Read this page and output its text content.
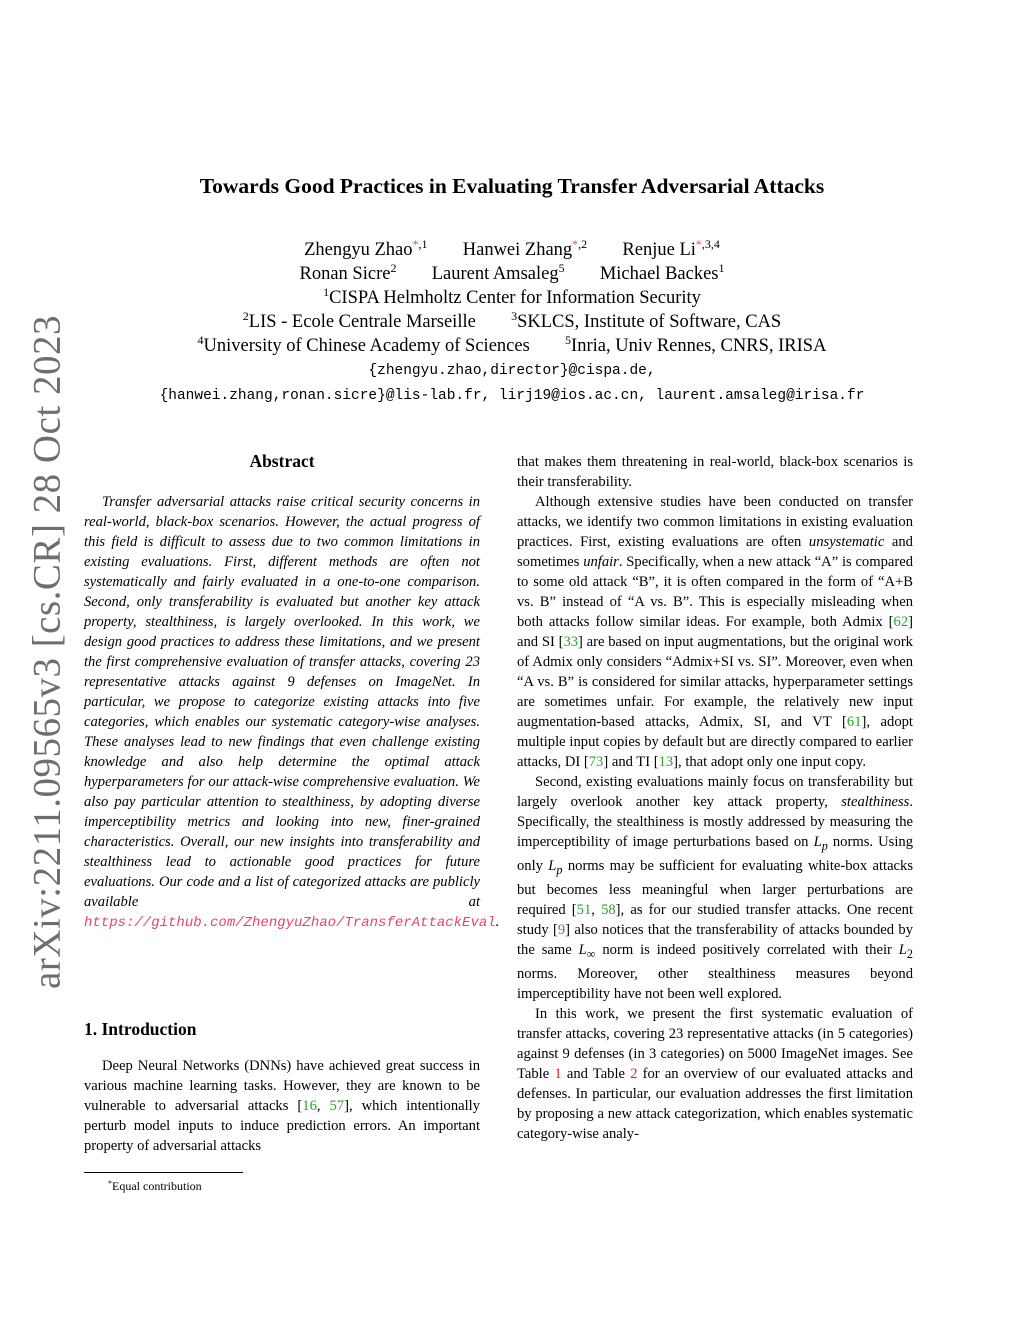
arXiv:2211.09565v3 [cs.CR] 28 Oct 2023
Towards Good Practices in Evaluating Transfer Adversarial Attacks
Zhengyu Zhao$^{*,1}$ Hanwei Zhang$^{*,2}$ Renjue $Li^{*,3,4}$
Ronan Sicre$^2$ Laurent Amsaleg$^5$ Michael Backes$^1$
$^1$CISPA Helmholtz Center for Information Security
$^2$LIS - Ecole Centrale Marseille	$^3$SKLCS, Institute of Software, CAS
$^4$University of Chinese Academy of Sciences	$^5$Inria, Univ Rennes, CNRS, IRISA
{zhengyu.zhao,director}@cispa.de,
{hanwei.zhang,ronan.sicre}@lis-lab.fr, lirj19@ios.ac.cn, laurent.amsaleg@irisa.fr
Abstract

Transfer adversarial attacks raise critical security concerns in real-world, black-box scenarios. However, the actual progress of this field is difficult to assess due to two common limitations in existing evaluations. First, different methods are often not systematically and fairly evaluated in a one-to-one comparison. Second, only transferability is evaluated but another key attack property, stealthiness, is largely overlooked. In this work, we design good practices to address these limitations, and we present the first comprehensive evaluation of transfer attacks, covering 23 representative attacks against 9 defenses on ImageNet. In particular, we propose to categorize existing attacks into five categories, which enables our systematic category-wise analyses. These analyses lead to new findings that even challenge existing knowledge and also help determine the optimal attack hyperparameters for our attack-wise comprehensive evaluation. We also pay particular attention to stealthiness, by adopting diverse imperceptibility metrics and looking into new, finer-grained characteristics. Overall, our new insights into transferability and stealthiness lead to actionable good practices for future evaluations. Our code and a list of categorized attacks are publicly available at https://github.com/ZhengyuZhao/TransferAttackEval.

1. Introduction

Deep Neural Networks (DNNs) have achieved great success in various machine learning tasks. However, they are known to be vulnerable to adversarial attacks [16, 57], which intentionally perturb model inputs to induce prediction errors. An important property of adversarial attacks

that makes them threatening in real-world, black-box scenarios is their transferability.

Although extensive studies have been conducted on transfer attacks, we identify two common limitations in existing evaluation practices. First, existing evaluations are often unsystematic and sometimes unfair. Specifically, when a new attack “A” is compared to some old attack “B”, it is often compared in the form of “A+B vs. B” instead of “A vs. B”. This is especially misleading when both attacks follow similar ideas. For example, both Admix [62] and SI [33] are based on input augmentations, but the original work of Admix only considers “Admix+SI vs. SI”. Moreover, even when “A vs. B” is considered for similar attacks, hyperparameter settings are sometimes unfair. For example, the relatively new input augmentation-based attacks, Admix, SI, and VT [61], adopt multiple input copies by default but are directly compared to earlier attacks, DI [73] and TI [13], that adopt only one input copy.

Second, existing evaluations mainly focus on transferability but largely overlook another key attack property, stealthiness. Specifically, the stealthiness is mostly addressed by measuring the imperceptibility of image perturbations based on $L_p$ norms. Using only $L_p$ norms may be sufficient for evaluating white-box attacks but becomes less meaningful when larger perturbations are required [51, 58], as for our studied transfer attacks. One recent study [9] also notices that the transferability of attacks bounded by the same $L_\infty$ norm is indeed positively correlated with their $L_2$ norms. Moreover, other stealthiness measures beyond imperceptibility have not been well explored.

In this work, we present the first systematic evaluation of transfer attacks, covering 23 representative attacks (in 5 categories) against 9 defenses (in 3 categories) on 5000 ImageNet images. See Table 1 and Table 2 for an overview of our evaluated attacks and defenses. In particular, our evaluation addresses the first limitation by proposing a new attack categorization, which enables systematic category-wise analy-

*Equal contribution
